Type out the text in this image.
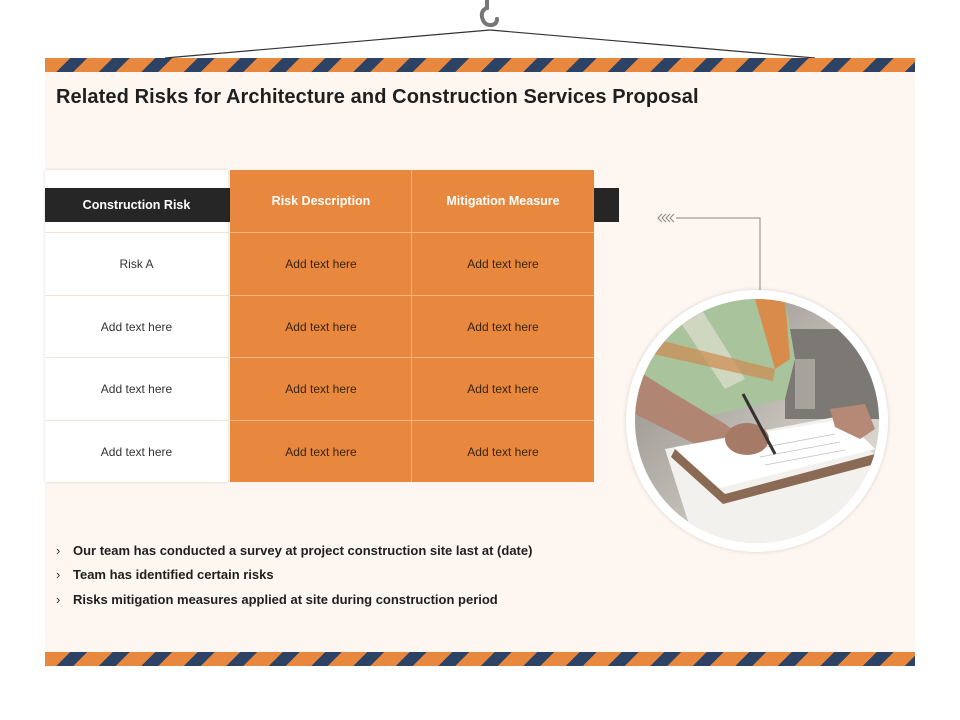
Related Risks for Architecture and Construction Services Proposal
Construction Risk	Risk Description	Mitigation Measure
Risk A	Add text here	Add text here
Add text here	Add text here	Add text here
Add text here	Add text here	Add text here
Add text here	Add text here	Add text here
› Our team has conducted a survey at project construction site last at (date)
› Team has identified certain risks
› Risks mitigation measures applied at site during construction period
